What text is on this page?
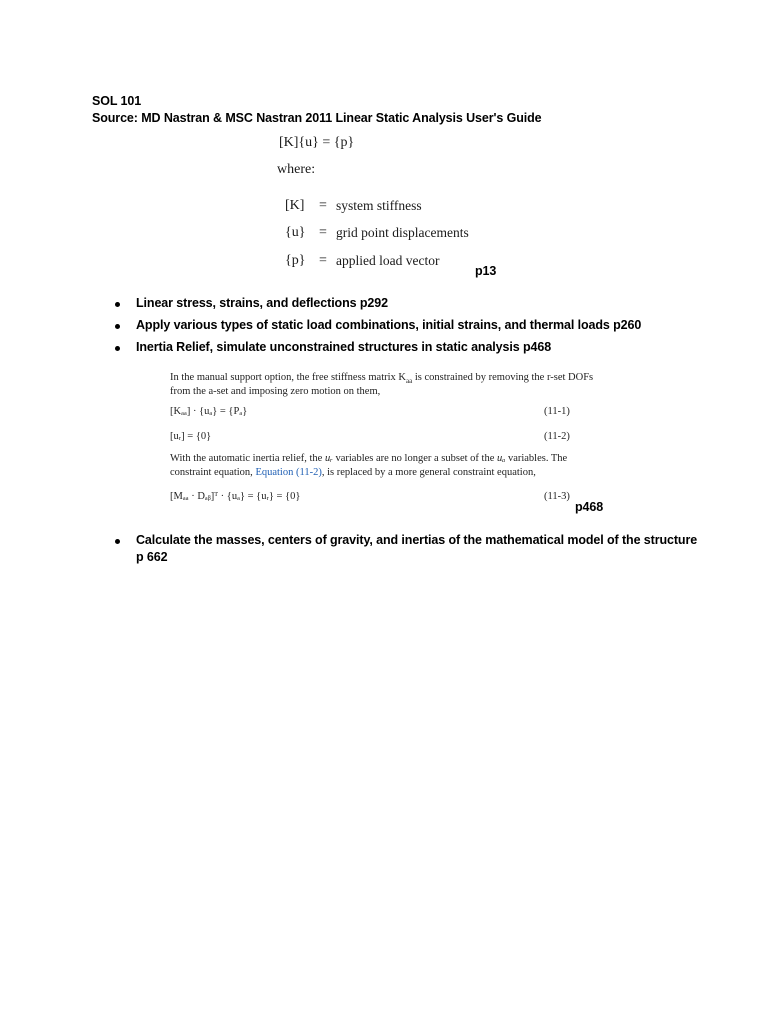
SOL 101
Source: MD Nastran & MSC Nastran 2011 Linear Static Analysis User's Guide
[K]{u} = {p}
where:
[K] = system stiffness
{u} = grid point displacements
{p} = applied load vector
p13
Linear stress, strains, and deflections p292
Apply various types of static load combinations, initial strains, and thermal loads p260
Inertia Relief, simulate unconstrained structures in static analysis p468
In the manual support option, the free stiffness matrix $K_{aa}$ is constrained by removing the r-set DOFs
from the a-set and imposing zero motion on them,
[Kₐₐ] · {uₐ} = {Pₐ}	(11-1)
[uᵣ] = {0}	(11-2)
With the automatic inertia relief, the uᵣ variables are no longer a subset of the uₐ variables. The
constraint equation, Equation (11-2), is replaced by a more general constraint equation,
[Mₐₐ · Dₐᵦ]ᵀ · {uₐ} = {uᵣ} = {0}	(11-3)
p468
Calculate the masses, centers of gravity, and inertias of the mathematical model of the structure
p 662
